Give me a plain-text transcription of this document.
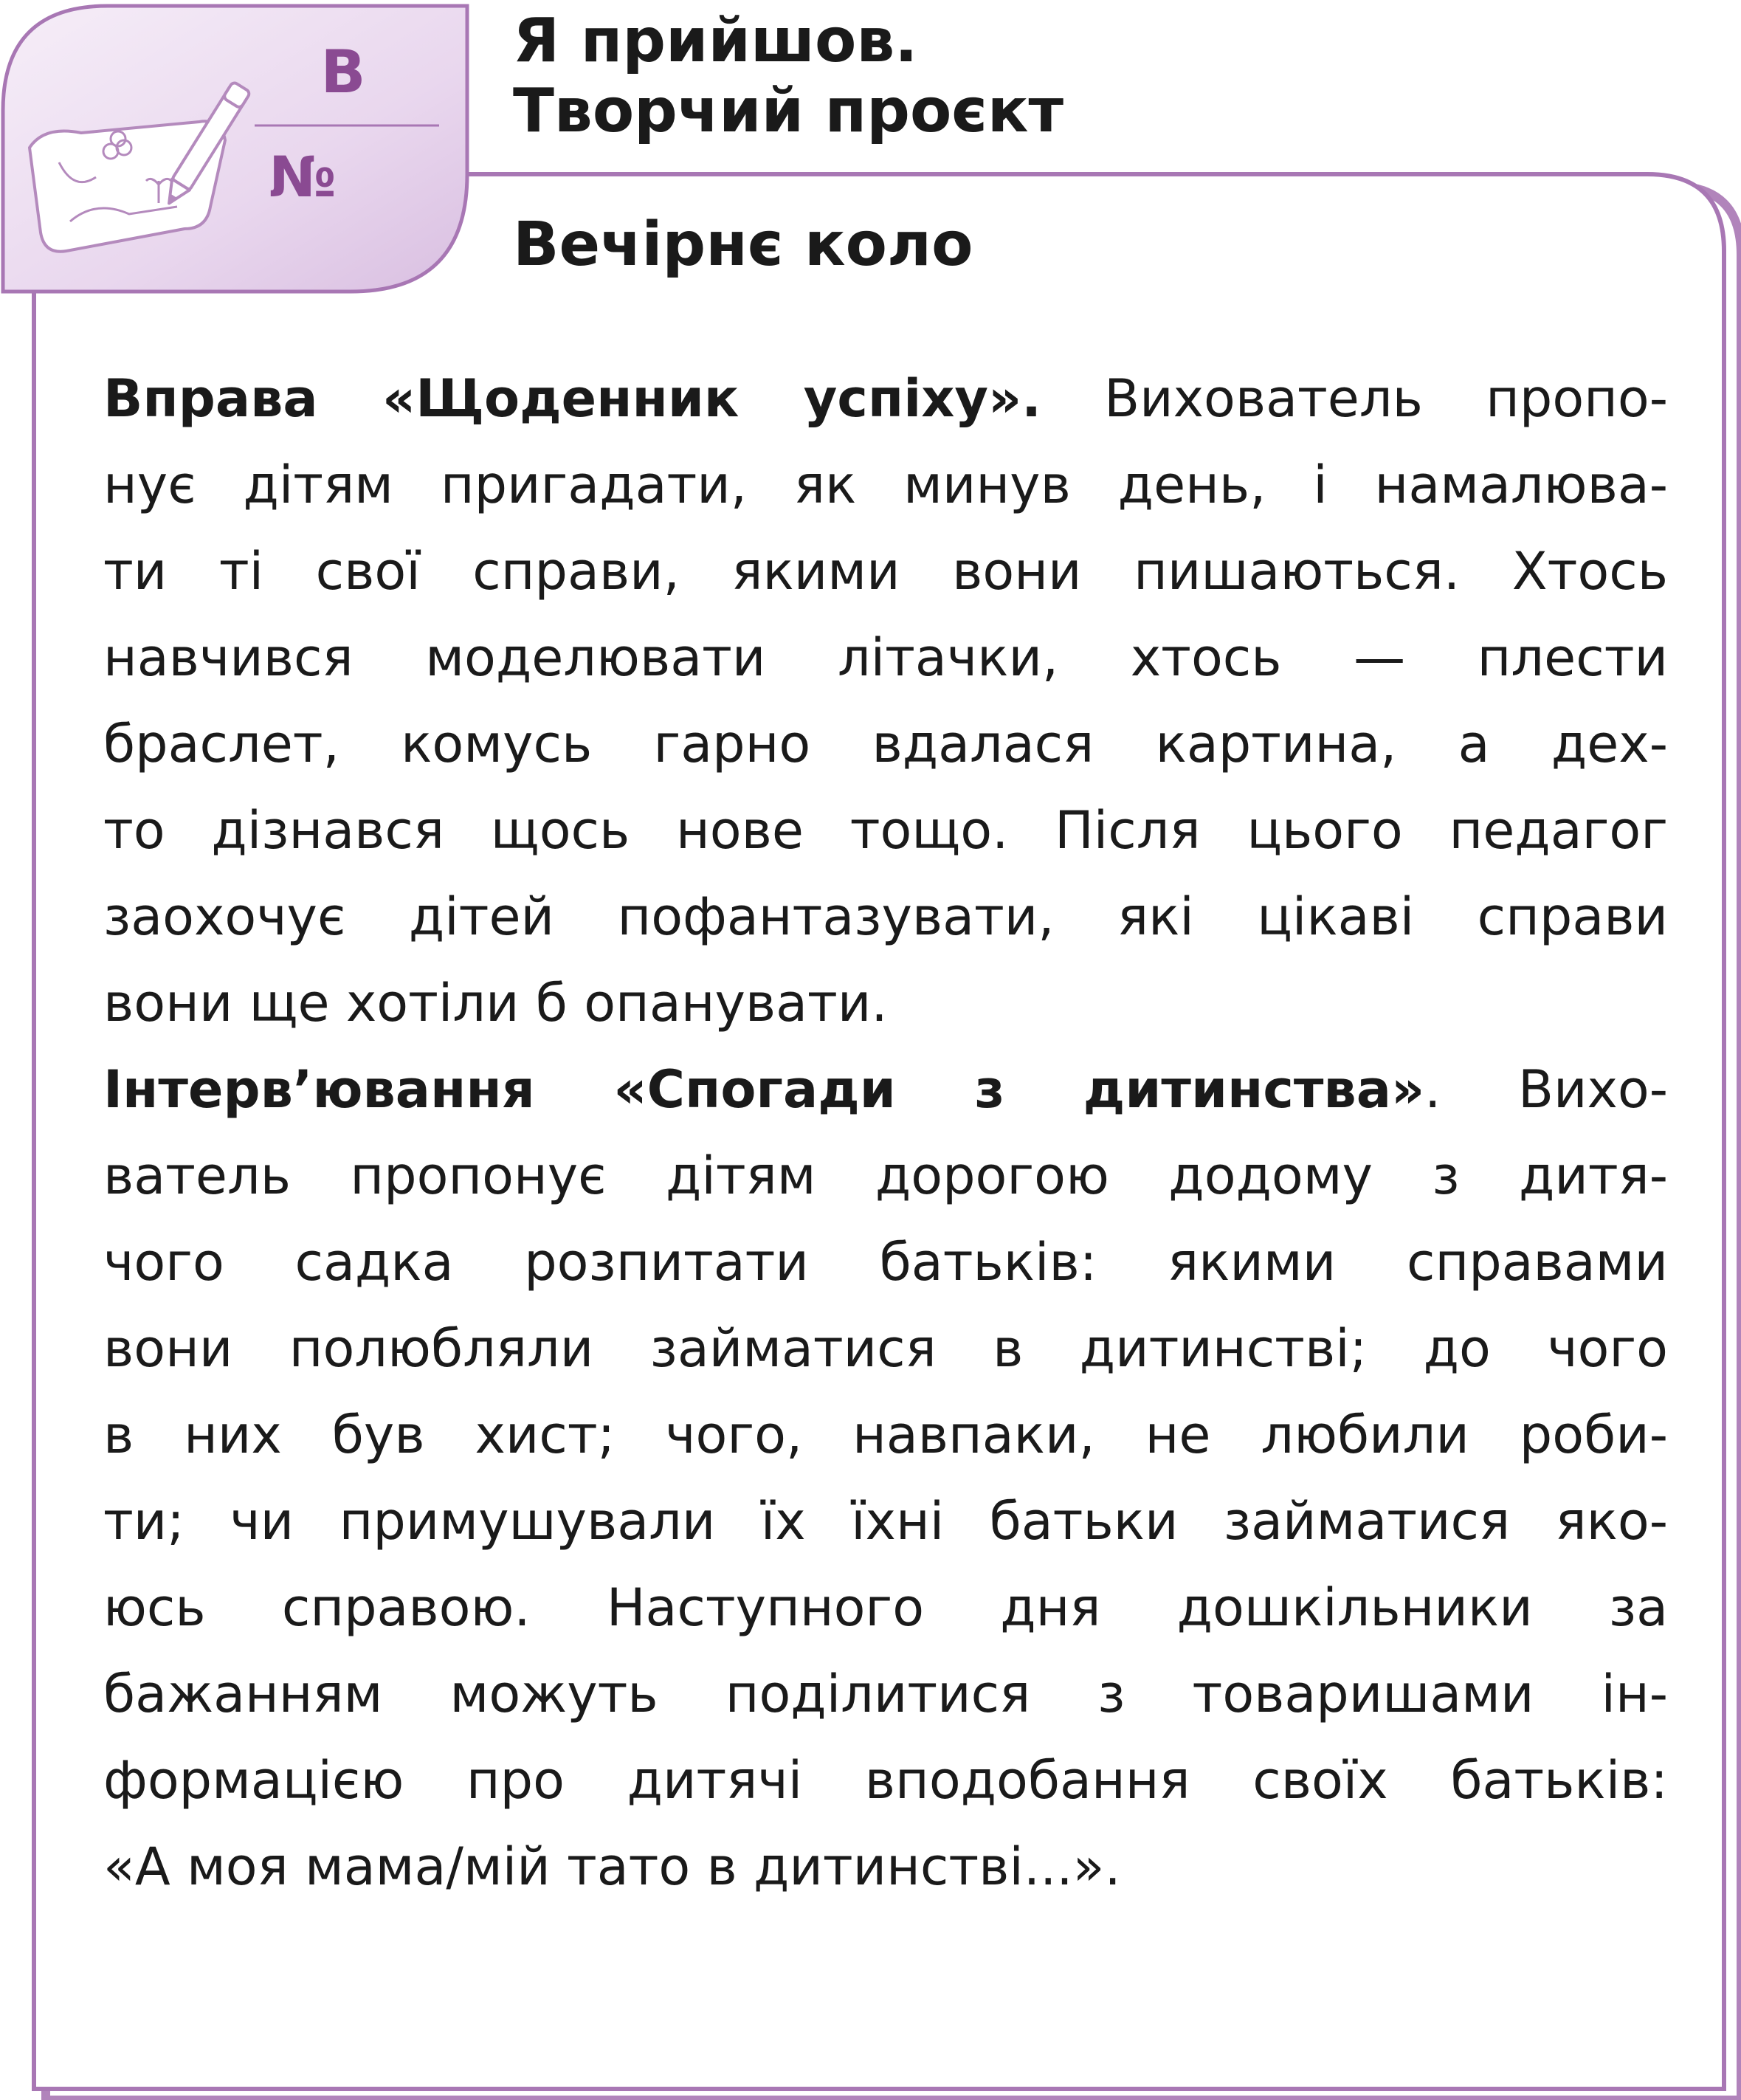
В
№
Я прийшов.
Творчий проєкт
Вечірнє коло
Вправа «Щоденник успіху». Вихователь пропо-
нує дітям пригадати, як минув день, і намалюва-
ти ті свої справи, якими вони пишаються. Хтось
навчився моделювати літачки, хтось — плести
браслет, комусь гарно вдалася картина, а дех-
то дізнався щось нове тощо. Після цього педагог
заохочує дітей пофантазувати, які цікаві справи
вони ще хотіли б опанувати.
Інтерв’ювання «Спогади з дитинства». Вихо-
ватель пропонує дітям дорогою додому з дитя-
чого садка розпитати батьків: якими справами
вони полюбляли займатися в дитинстві; до чого
в них був хист; чого, навпаки, не любили роби-
ти; чи примушували їх їхні батьки займатися яко-
юсь справою. Наступного дня дошкільники за
бажанням можуть поділитися з товаришами ін-
формацією про дитячі вподобання своїх батьків:
«А моя мама/мій тато в дитинстві...».
